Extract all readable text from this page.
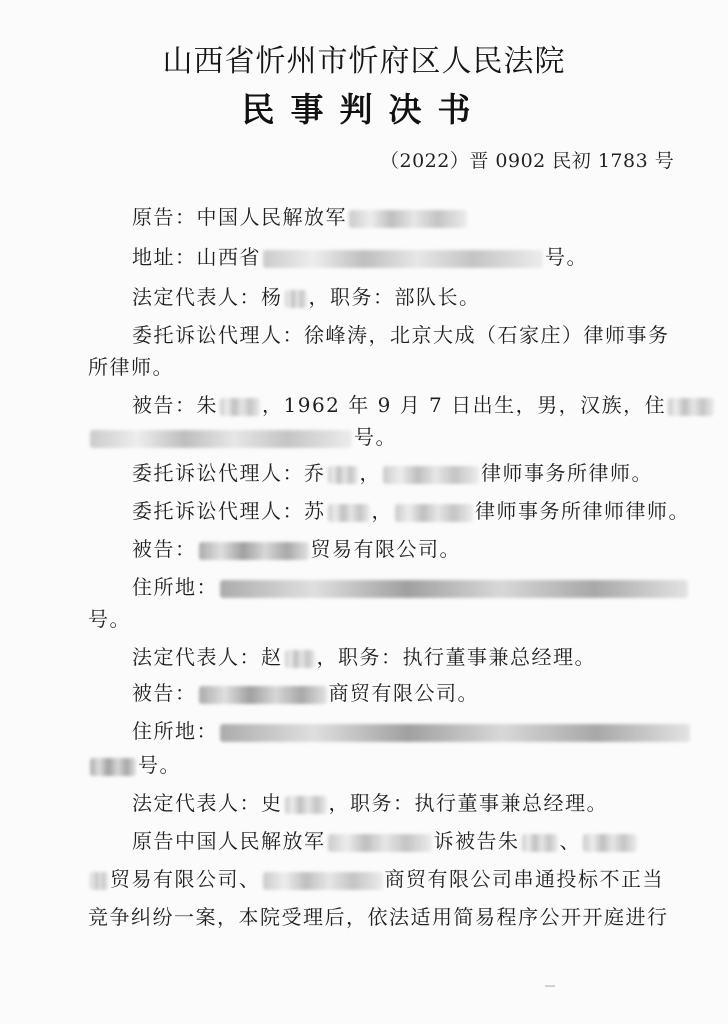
山西省忻州市忻府区人民法院
民事判决书
（2022）晋 0902 民初 1783 号
原告：中国人民解放军
地址：山西省	号。
法定代表人：杨 ，职务：部队长。
委托诉讼代理人：徐峰涛，北京大成（石家庄）律师事务
所律师。
被告：朱 ，1962 年 9 月 7 日出生，男，汉族，住
号。
委托诉讼代理人：乔 ，	律师事务所律师。
委托诉讼代理人：苏 ，	律师事务所律师律师。
被告：	贸易有限公司。
住所地：
号。
法定代表人：赵 ，职务：执行董事兼总经理。
被告：	商贸有限公司。
住所地：
号。
法定代表人：史 ，职务：执行董事兼总经理。
原告中国人民解放军	诉被告朱 、
贸易有限公司、	商贸有限公司串通投标不正当
竞争纠纷一案，本院受理后，依法适用简易程序公开开庭进行
